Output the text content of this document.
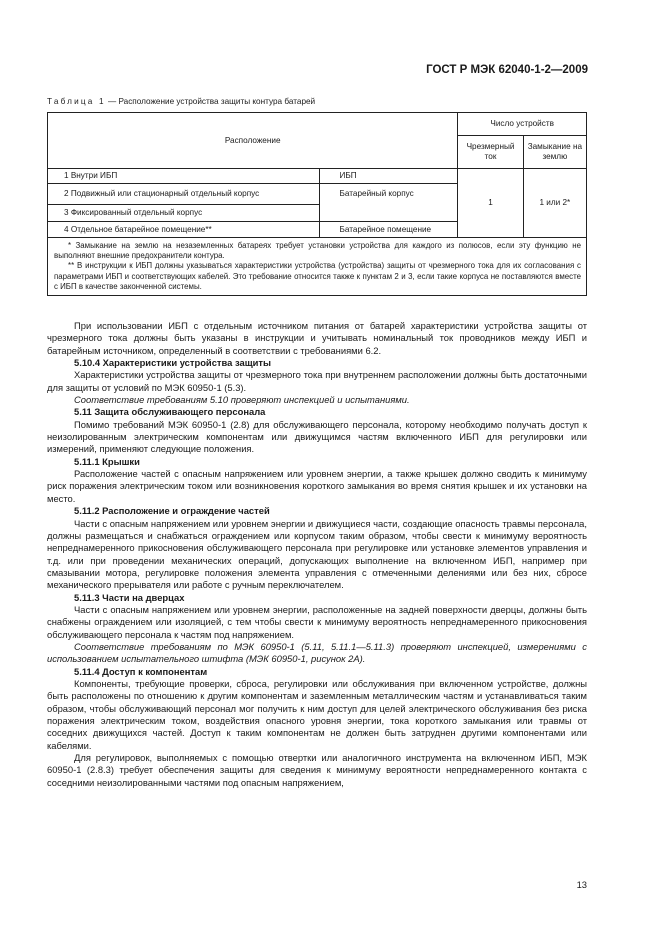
ГОСТ Р МЭК 62040-1-2—2009
Таблица 1 — Расположение устройства защиты контура батарей
Расположение		Число устройств	
		Чрезмерный ток	Замыкание на землю
1 Внутри ИБП	ИБП	1	1 или 2*
2 Подвижный или стационарный отдельный корпус	Батарейный корпус		
3 Фиксированный отдельный корпус			
4 Отдельное батарейное помещение**	Батарейное помещение		

* Замыкание на землю на незаземленных батареях требует установки устройства для каждого из полюсов, если эту функцию не выполняют внешние предохранители контура.

** В инструкции к ИБП должны указываться характеристики устройства (устройства) защиты от чрезмерного тока для их согласования с параметрами ИБП и соответствующих кабелей. Это требование относится также к пунктам 2 и 3, если такие корпуса не поставляются вместе с ИБП в качестве законченной системы.			

При использовании ИБП с отдельным источником питания от батарей характеристики устройства защиты от чрезмерного тока должны быть указаны в инструкции и учитывать номинальный ток проводников между ИБП и батарейным источником, определенный в соответствии с требованиями 6.2.

5.10.4 Характеристики устройства защиты

Характеристики устройства защиты от чрезмерного тока при внутреннем расположении должны быть достаточными для защиты от условий по МЭК 60950-1 (5.3).

Соответствие требованиям 5.10 проверяют инспекцией и испытаниями.

5.11 Защита обслуживающего персонала

Помимо требований МЭК 60950-1 (2.8) для обслуживающего персонала, которому необходимо получать доступ к неизолированным электрическим компонентам или движущимся частям включенного ИБП для регулировки или измерений, применяют следующие положения.

5.11.1 Крышки

Расположение частей с опасным напряжением или уровнем энергии, а также крышек должно сводить к минимуму риск поражения электрическим током или возникновения короткого замыкания во время снятия крышек и их установки на место.

5.11.2 Расположение и ограждение частей

Части с опасным напряжением или уровнем энергии и движущиеся части, создающие опасность травмы персонала, должны размещаться и снабжаться ограждением или корпусом таким образом, чтобы свести к минимуму вероятность непреднамеренного прикосновения обслуживающего персонала при регулировке или установке элементов управления и т.д. или при проведении механических операций, допускающих выполнение на включенном ИБП, например при смазывании мотора, регулировке положения элемента управления с отмеченными делениями или без них, сбросе механического прерывателя или работе с ручным переключателем.

5.11.3 Части на дверцах

Части с опасным напряжением или уровнем энергии, расположенные на задней поверхности дверцы, должны быть снабжены ограждением или изоляцией, с тем чтобы свести к минимуму вероятность непреднамеренного прикосновения обслуживающего персонала к частям под напряжением.

Соответствие требованиям по МЭК 60950-1 (5.11, 5.11.1—5.11.3) проверяют инспекцией, измерениями с использованием испытательного штифта (МЭК 60950-1, рисунок 2А).

5.11.4 Доступ к компонентам

Компоненты, требующие проверки, сброса, регулировки или обслуживания при включенном устройстве, должны быть расположены по отношению к другим компонентам и заземленным металлическим частям и устанавливаться таким образом, чтобы обслуживающий персонал мог получить к ним доступ для целей электрического обслуживания без риска поражения электрическим током, воздействия опасного уровня энергии, тока короткого замыкания или травмы от соседних движущихся частей. Доступ к таким компонентам не должен быть затруднен другими компонентами или кабелями.

Для регулировок, выполняемых с помощью отвертки или аналогичного инструмента на включенном ИБП, МЭК 60950-1 (2.8.3) требует обеспечения защиты для сведения к минимуму вероятности непреднамеренного контакта с соседними неизолированными частями под опасным напряжением,

13
